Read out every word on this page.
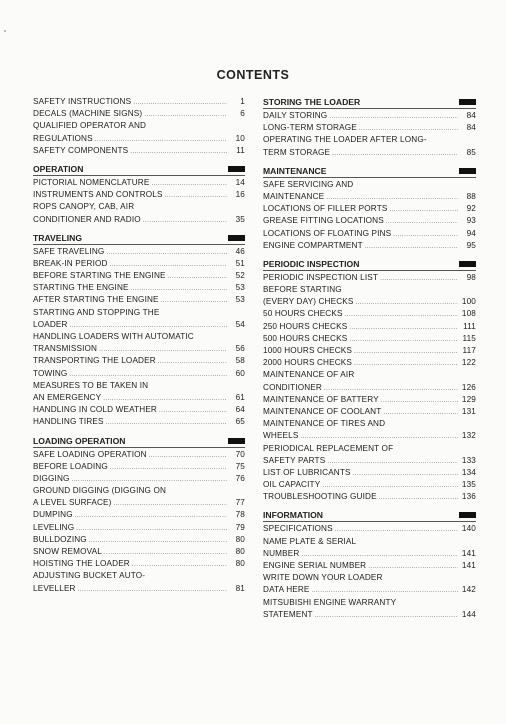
CONTENTS
SAFETY INSTRUCTIONS .....	1
DECALS (MACHINE SIGNS) .....	6
QUALIFIED OPERATOR AND
REGULATIONS .....	10
SAFETY COMPONENTS .....	11
OPERATION
PICTORIAL NOMENCLATURE .....	14
INSTRUMENTS AND CONTROLS .....	16
ROPS CANOPY, CAB, AIR
CONDITIONER AND RADIO .....	35
TRAVELING
SAFE TRAVELING .....	46
BREAK-IN PERIOD .....	51
BEFORE STARTING THE ENGINE .....	52
STARTING THE ENGINE .....	53
AFTER STARTING THE ENGINE .....	53
STARTING AND STOPPING THE
LOADER .....	54
HANDLING LOADERS WITH AUTOMATIC
TRANSMISSION .....	56
TRANSPORTING THE LOADER .....	58
TOWING .....	60
MEASURES TO BE TAKEN IN
AN EMERGENCY .....	61
HANDLING IN COLD WEATHER .....	64
HANDLING TIRES .....	65
LOADING OPERATION
SAFE LOADING OPERATION .....	70
BEFORE LOADING .....	75
DIGGING .....	76
GROUND DIGGING (DIGGING ON
A LEVEL SURFACE) .....	77
DUMPING .....	78
LEVELING .....	79
BULLDOZING .....	80
SNOW REMOVAL .....	80
HOISTING THE LOADER .....	80
ADJUSTING BUCKET AUTO-
LEVELLER .....	81
STORING THE LOADER
DAILY STORING .....	84
LONG-TERM STORAGE .....	84
OPERATING THE LOADER AFTER LONG-
TERM STORAGE .....	85
MAINTENANCE
SAFE SERVICING AND
MAINTENANCE .....	88
LOCATIONS OF FILLER PORTS .....	92
GREASE FITTING LOCATIONS .....	93
LOCATIONS OF FLOATING PINS .....	94
ENGINE COMPARTMENT .....	95
PERIODIC INSPECTION
PERIODIC INSPECTION LIST .....	98
BEFORE STARTING
(EVERY DAY) CHECKS .....	100
50 HOURS CHECKS .....	108
250 HOURS CHECKS .....	111
500 HOURS CHECKS .....	115
1000 HOURS CHECKS .....	117
2000 HOURS CHECKS .....	122
MAINTENANCE OF AIR
CONDITIONER .....	126
MAINTENANCE OF BATTERY .....	129
MAINTENANCE OF COOLANT .....	131
MAINTENANCE OF TIRES AND
WHEELS .....	132
PERIODICAL REPLACEMENT OF
SAFETY PARTS .....	133
LIST OF LUBRICANTS .....	134
OIL CAPACITY .....	135
TROUBLESHOOTING GUIDE .....	136
INFORMATION
SPECIFICATIONS .....	140
NAME PLATE & SERIAL
NUMBER .....	141
ENGINE SERIAL NUMBER .....	141
WRITE DOWN YOUR LOADER
DATA HERE .....	142
MITSUBISHI ENGINE WARRANTY
STATEMENT .....	144
